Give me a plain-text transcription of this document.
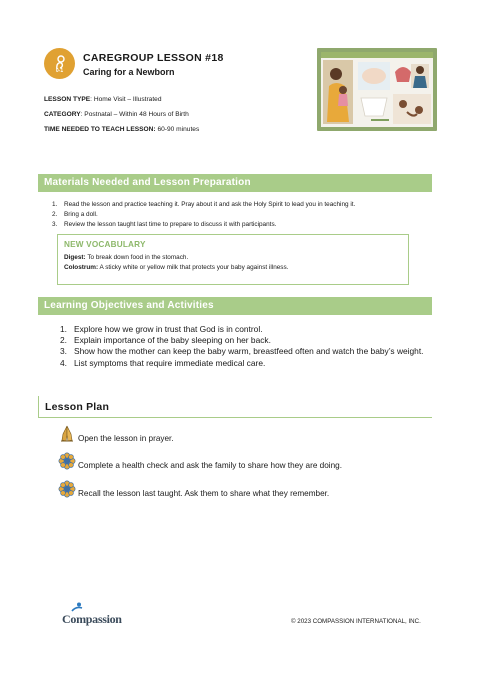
0-1
CAREGROUP LESSON #18
Caring for a Newborn
LESSON TYPE: Home Visit – Illustrated
CATEGORY: Postnatal – Within 48 Hours of Birth
TIME NEEDED TO TEACH LESSON: 60-90 minutes
Materials Needed and Lesson Preparation
1.	Read the lesson and practice teaching it. Pray about it and ask the Holy Spirit to lead you in teaching it.
2.	Bring a doll.
3.	Review the lesson taught last time to prepare to discuss it with participants.
NEW VOCABULARY
Digest: To break down food in the stomach.
Colostrum: A sticky white or yellow milk that protects your baby against illness.
Learning Objectives and Activities
1. Explore how we grow in trust that God is in control.
2. Explain importance of the baby sleeping on her back.
3. Show how the mother can keep the baby warm, breastfeed often and watch the baby’s weight.
4. List symptoms that require immediate medical care.
Lesson Plan
Open the lesson in prayer.
Complete a health check and ask the family to share how they are doing.
Recall the lesson last taught. Ask them to share what they remember.
Compassion	© 2023 COMPASSION INTERNATIONAL, INC.
